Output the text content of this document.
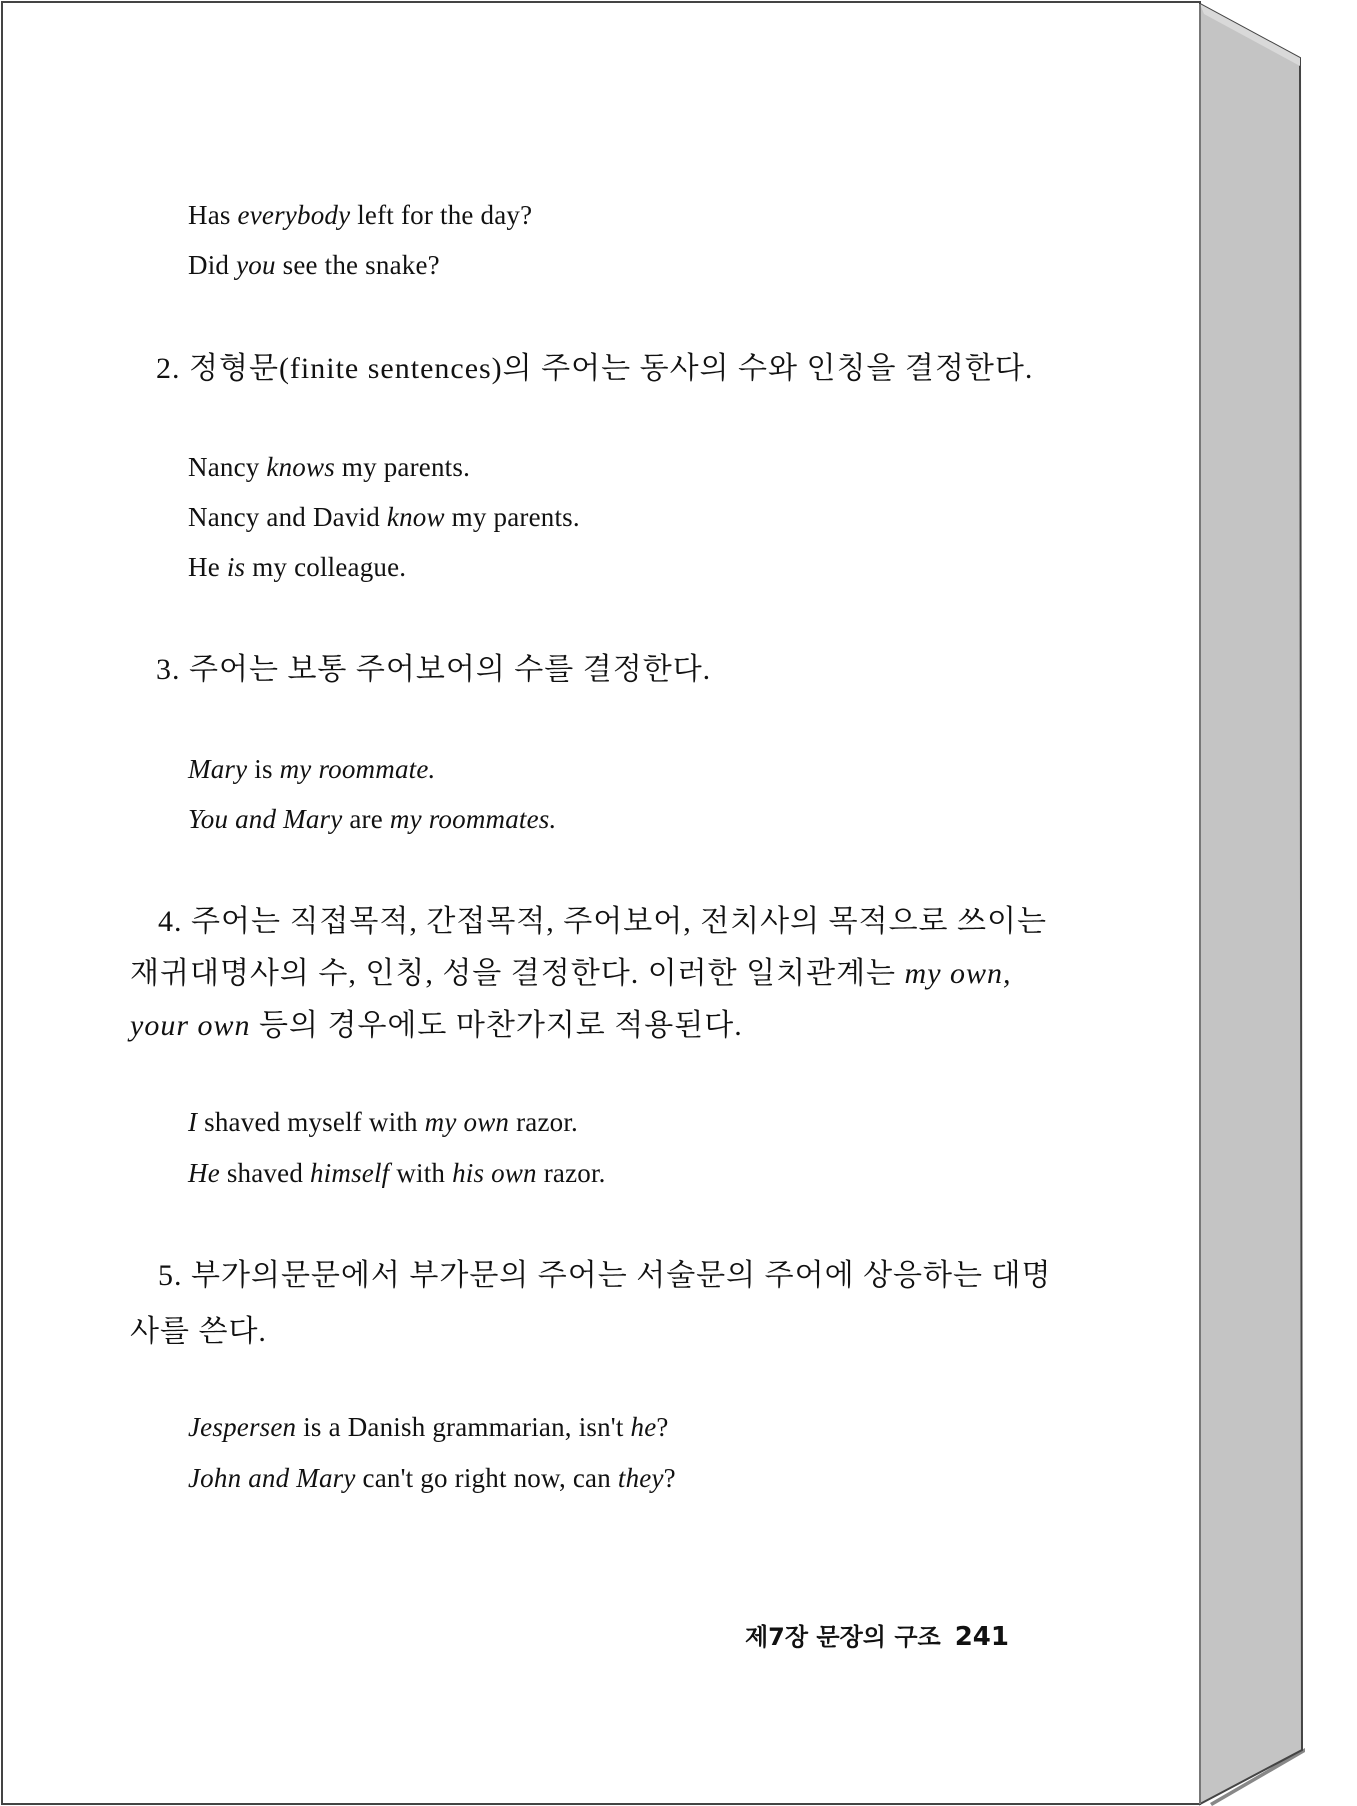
Has everybody left for the day?
Did you see the snake?
2. 정형문(finite sentences)의 주어는 동사의 수와 인칭을 결정한다.
Nancy knows my parents.
Nancy and David know my parents.
He is my colleague.
3. 주어는 보통 주어보어의 수를 결정한다.
Mary is my roommate.
You and Mary are my roommates.
4. 주어는 직접목적, 간접목적, 주어보어, 전치사의 목적으로 쓰이는
재귀대명사의 수, 인칭, 성을 결정한다. 이러한 일치관계는 my own,
your own 등의 경우에도 마찬가지로 적용된다.
I shaved myself with my own razor.
He shaved himself with his own razor.
5. 부가의문문에서 부가문의 주어는 서술문의 주어에 상응하는 대명
사를 쓴다.
Jespersen is a Danish grammarian, isn't he?
John and Mary can't go right now, can they?
제7장 문장의 구조 241
